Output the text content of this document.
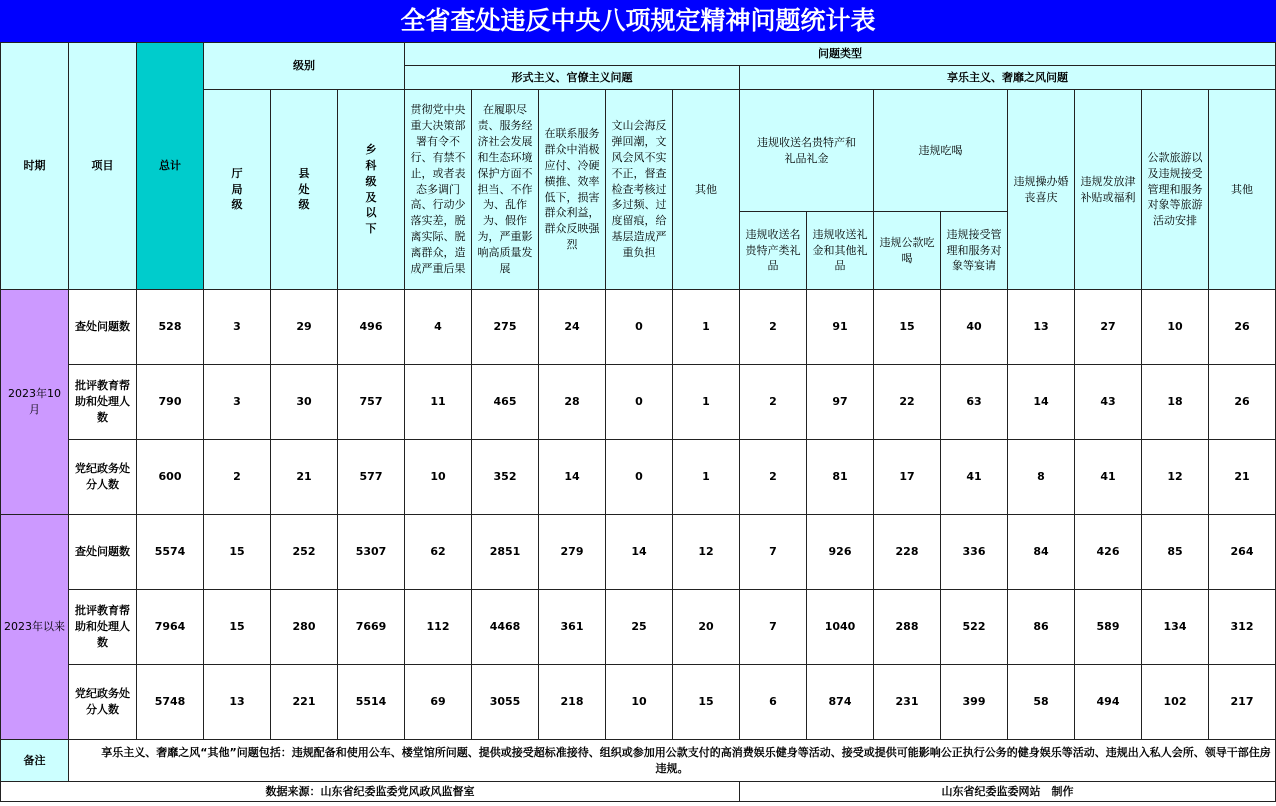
全省查处违反中央八项规定精神问题统计表
时期	项目	总计	级别			问题类型												
						形式主义、官僚主义问题					享乐主义、奢靡之风问题							
			厅局级	县处级	乡科级及以下	贯彻党中央重大决策部署有令不行、有禁不止，或者表态多调门高、行动少落实差，脱离实际、脱离群众，造成严重后果	在履职尽责、服务经济社会发展和生态环境保护方面不担当、不作为、乱作为、假作为，严重影响高质量发展	在联系服务群众中消极应付、冷硬横推、效率低下，损害群众利益，群众反映强烈	文山会海反弹回潮，文风会风不实不正，督查检查考核过多过频、过度留痕，给基层造成严重负担	其他	违规收送名贵特产和礼品礼金		违规吃喝		违规操办婚丧喜庆	违规发放津补贴或福利	公款旅游以及违规接受管理和服务对象等旅游活动安排	其他
											违规收送名贵特产类礼品	违规收送礼金和其他礼品	违规公款吃喝	违规接受管理和服务对象等宴请				
2023年10月	查处问题数	528	3	29	496	4	275	24	0	1	2	91	15	40	13	27	10	26
	批评教育帮助和处理人数	790	3	30	757	11	465	28	0	1	2	97	22	63	14	43	18	26
	党纪政务处分人数	600	2	21	577	10	352	14	0	1	2	81	17	41	8	41	12	21
2023年以来	查处问题数	5574	15	252	5307	62	2851	279	14	12	7	926	228	336	84	426	85	264
	批评教育帮助和处理人数	7964	15	280	7669	112	4468	361	25	20	7	1040	288	522	86	589	134	312
	党纪政务处分人数	5748	13	221	5514	69	3055	218	10	15	6	874	231	399	58	494	102	217
备注	享乐主义、奢靡之风“其他”问题包括：违规配备和使用公车、楼堂馆所问题、提供或接受超标准接待、组织或参加用公款支付的高消费娱乐健身等活动、接受或提供可能影响公正执行公务的健身娱乐等活动、违规出入私人会所、领导干部住房违规。																	
数据来源：山东省纪委监委党风政风监督室											山东省纪委监委网站　制作							
